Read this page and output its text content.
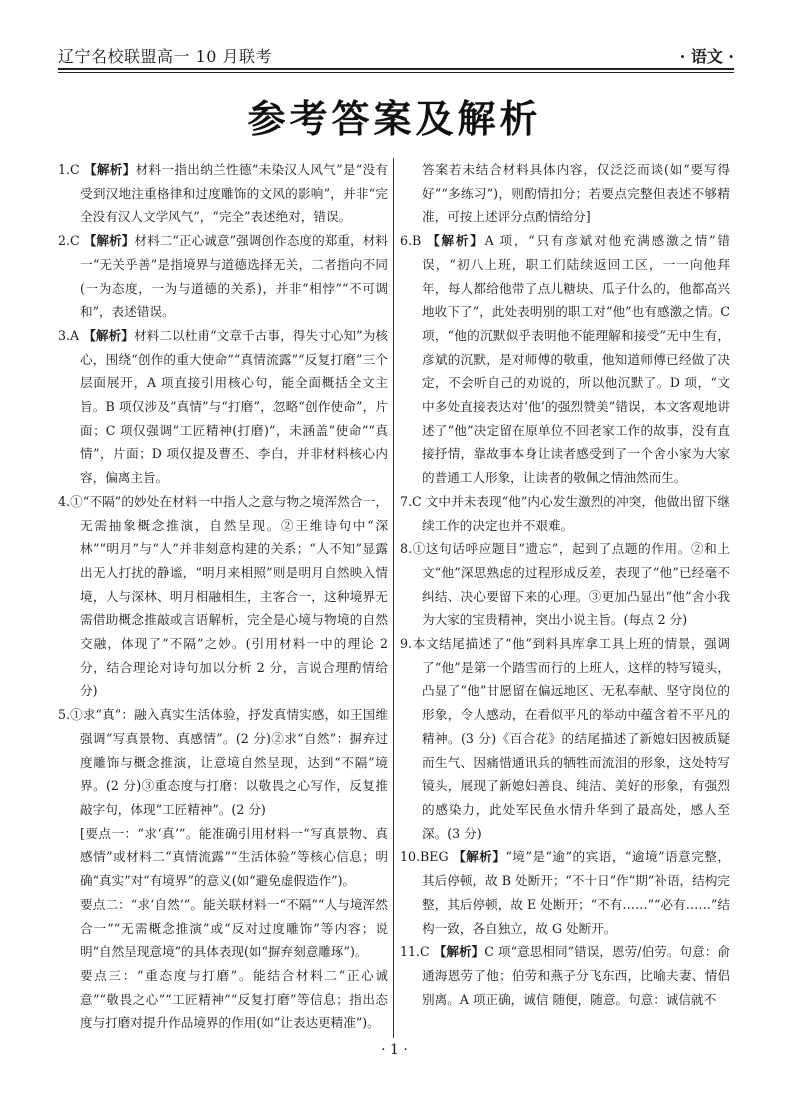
辽宁名校联盟高一 10 月联考	· 语文 ·
参考答案及解析

1.C 【解析】材料一指出纳兰性德“未染汉人风气”是“没有受到汉地注重格律和过度雕饰的文风的影响”，并非“完全没有汉人文学风气”，“完全”表述绝对，错误。

2.C 【解析】材料二“正心诚意”强调创作态度的郑重，材料一“无关乎善”是指境界与道德选择无关，二者指向不同(一为态度，一为与道德的关系)，并非“相悖”“不可调和”，表述错误。

3.A 【解析】材料二以杜甫“文章千古事，得失寸心知”为核心，围绕“创作的重大使命”“真情流露”“反复打磨”三个层面展开，A 项直接引用核心句，能全面概括全文主旨。B 项仅涉及“真情”与“打磨”，忽略“创作使命”，片面；C 项仅强调“工匠精神(打磨)”，未涵盖“使命”“真情”，片面；D 项仅提及曹丕、李白，并非材料核心内容，偏离主旨。

4.①“不隔”的妙处在材料一中指人之意与物之境浑然合一，无需抽象概念推演，自然呈现。②王维诗句中“深林”“明月”与“人”并非刻意构建的关系；“人不知”显露出无人打扰的静谧，“明月来相照”则是明月自然映入情境，人与深林、明月相融相生，主客合一，这种境界无需借助概念推敲或言语解析，完全是心境与物境的自然交融，体现了“不隔”之妙。(引用材料一中的理论 2 分，结合理论对诗句加以分析 2 分，言说合理酌情给分)

5.①求“真”：融入真实生活体验，抒发真情实感，如王国维强调“写真景物、真感情”。(2 分)②求“自然”：摒弃过度雕饰与概念推演，让意境自然呈现，达到“不隔”境界。(2 分)③重态度与打磨：以敬畏之心写作，反复推敲字句，体现“工匠精神”。(2 分)

[要点一：“求‘真’”。能准确引用材料一“写真景物、真感情”或材料二“真情流露”“生活体验”等核心信息；明确“真实”对“有境界”的意义(如“避免虚假造作”)。

要点二：“求‘自然’”。能关联材料一“不隔”“人与境浑然合一”“无需概念推演”或“反对过度雕饰”等内容；说明“自然呈现意境”的具体表现(如“摒弃刻意雕琢”)。

要点三：“重态度与打磨”。能结合材料二“正心诚意”“敬畏之心”“工匠精神”“反复打磨”等信息；指出态度与打磨对提升作品境界的作用(如“让表达更精准”)。

答案若未结合材料具体内容，仅泛泛而谈(如“要写得好”“多练习”)，则酌情扣分；若要点完整但表述不够精准，可按上述评分点酌情给分]

6.B 【解析】A 项，“只有彦斌对他充满感激之情”错误，“初八上班，职工们陆续返回工区，一一向他拜年，每人都给他带了点儿糖块、瓜子什么的，他都高兴地收下了”，此处表明别的职工对“他”也有感激之情。C 项，“他的沉默似乎表明他不能理解和接受”无中生有，彦斌的沉默，是对师傅的敬重，他知道师傅已经做了决定，不会听自己的劝说的，所以他沉默了。D 项，“文中多处直接表达对‘他’的强烈赞美”错误，本文客观地讲述了“他”决定留在原单位不回老家工作的故事，没有直接抒情，靠故事本身让读者感受到了一个舍小家为大家的普通工人形象，让读者的敬佩之情油然而生。

7.C 文中并未表现“他”内心发生激烈的冲突，他做出留下继续工作的决定也并不艰难。

8.①这句话呼应题目“遗忘”，起到了点题的作用。②和上文“他”深思熟虑的过程形成反差，表现了“他”已经毫不纠结、决心要留下来的心理。③更加凸显出“他”舍小我为大家的宝贵精神，突出小说主旨。(每点 2 分)

9.本文结尾描述了“他”到料具库拿工具上班的情景，强调了“他”是第一个踏雪而行的上班人，这样的特写镜头，凸显了“他”甘愿留在偏远地区、无私奉献、坚守岗位的形象，令人感动，在看似平凡的举动中蕴含着不平凡的精神。(3 分)《百合花》的结尾描述了新媳妇因被质疑而生气、因痛惜通讯兵的牺牲而流泪的形象，这处特写镜头，展现了新媳妇善良、纯洁、美好的形象，有强烈的感染力，此处军民鱼水情升华到了最高处，感人至深。(3 分)

10.BEG 【解析】“境”是“逾”的宾语，“逾境”语意完整，其后停顿，故 B 处断开；“不十日”作“期”补语，结构完整，其后停顿，故 E 处断开；“不有……”“必有……”结构一致，各自独立，故 G 处断开。

11.C 【解析】C 项“意思相同”错误，恩劳/伯劳。句意：俞通海恩劳了他；伯劳和燕子分飞东西，比喻夫妻、情侣别离。A 项正确，诚信 随便，随意。句意：诚信就不

· 1 ·
